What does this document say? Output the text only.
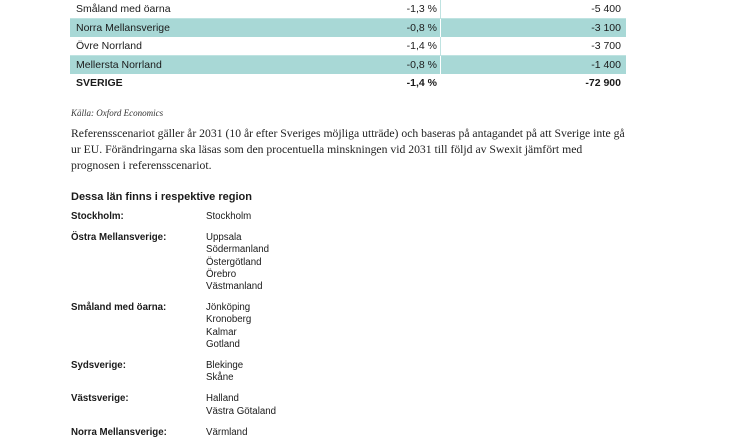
Småland med öarna	-1,3 %	-5 400
Norra Mellansverige	-0,8 %	-3 100
Övre Norrland	-1,4 %	-3 700
Mellersta Norrland	-0,8 %	-1 400
SVERIGE	-1,4 %	-72 900
Källa: Oxford Economics

Referensscenariot gäller år 2031 (10 år efter Sveriges möjliga utträde) och baseras på antagandet på att Sverige inte gå ur EU. Förändringarna ska läsas som den procentuella minskningen vid 2031 till följd av Swexit jämfört med prognosen i referensscenariot.

Dessa län finns i respektive region
Stockholm:	Stockholm
Östra Mellansverige:	Uppsala
Södermanland
Östergötland
Örebro
Västmanland
Småland med öarna:	Jönköping
Kronoberg
Kalmar
Gotland
Sydsverige:	Blekinge
Skåne
Västsverige:	Halland
Västra Götaland
Norra Mellansverige:	Värmland
